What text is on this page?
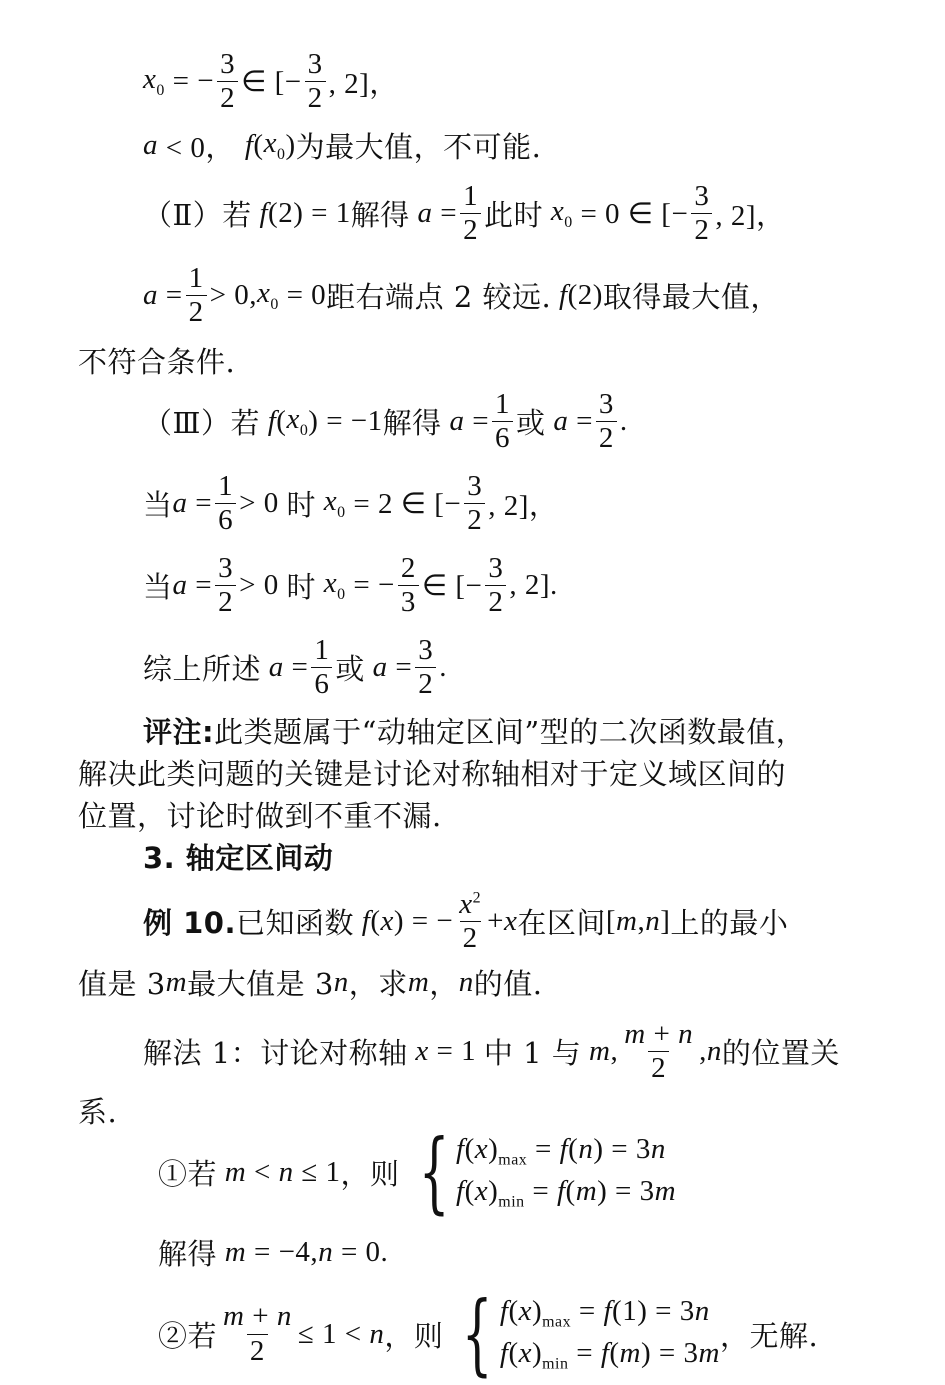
$x_0$ = − $\frac{3}{2}$ ∈ [− $\frac{3}{2}$ , 2]，
a < 0， f ( $x_0$ ) 为最大值，不可能.
（Ⅱ）若 f (2) = 1 解得 $a = \frac{1}{2}$ 此时 $x_0 = 0$ ∈ [− $\frac{3}{2}$ , 2]，
$a = \frac{1}{2} > 0$, $x_0 = 0$ 距右端点 2 较远. f (2) 取得最大值，
不符合条件.
（Ⅲ）若 f ( $x_0$ ) = −1 解得 $a = \frac{1}{6}$ 或 $a = \frac{3}{2}$ .
当 $a = \frac{1}{6} > 0$ 时 $x_0 = 2$ ∈ [− $\frac{3}{2}$ , 2]，
当 $a = \frac{3}{2} > 0$ 时 $x_0$ = − $\frac{2}{3}$ ∈ [− $\frac{3}{2}$ , 2].
综上所述 $a = \frac{1}{6}$ 或 $a = \frac{3}{2}$ .
评注: 此类题属于“动轴定区间”型的二次函数最值，
解决此类问题的关键是讨论对称轴相对于定义域区间的
位置，讨论时做到不重不漏.
3. 轴定区间动
例 10. 已知函数 f ( x ) = − $\frac{x^2}{2} + x$ 在区间 [ m , n ] 上的最小
值是 3 m 最大值是 3 n ，求 m ， n 的值.
解法 1：讨论对称轴 x = 1 中 1 与 m , $\frac{m + n}{2}$ , n 的位置关
系.
①若 m < n ≤ 1 ，则 { $f(x)_{max} = f(n) = 3n$
$f(x)_{min} = f(m) = 3m$
解得 m = −4, n = 0.
②若 $\frac{m + n}{2} \le 1 < n$ ，则 { $f(x)_{max} = f(1) = 3n$
$f(x)_{min} = f(m) = 3m$
，无解.
